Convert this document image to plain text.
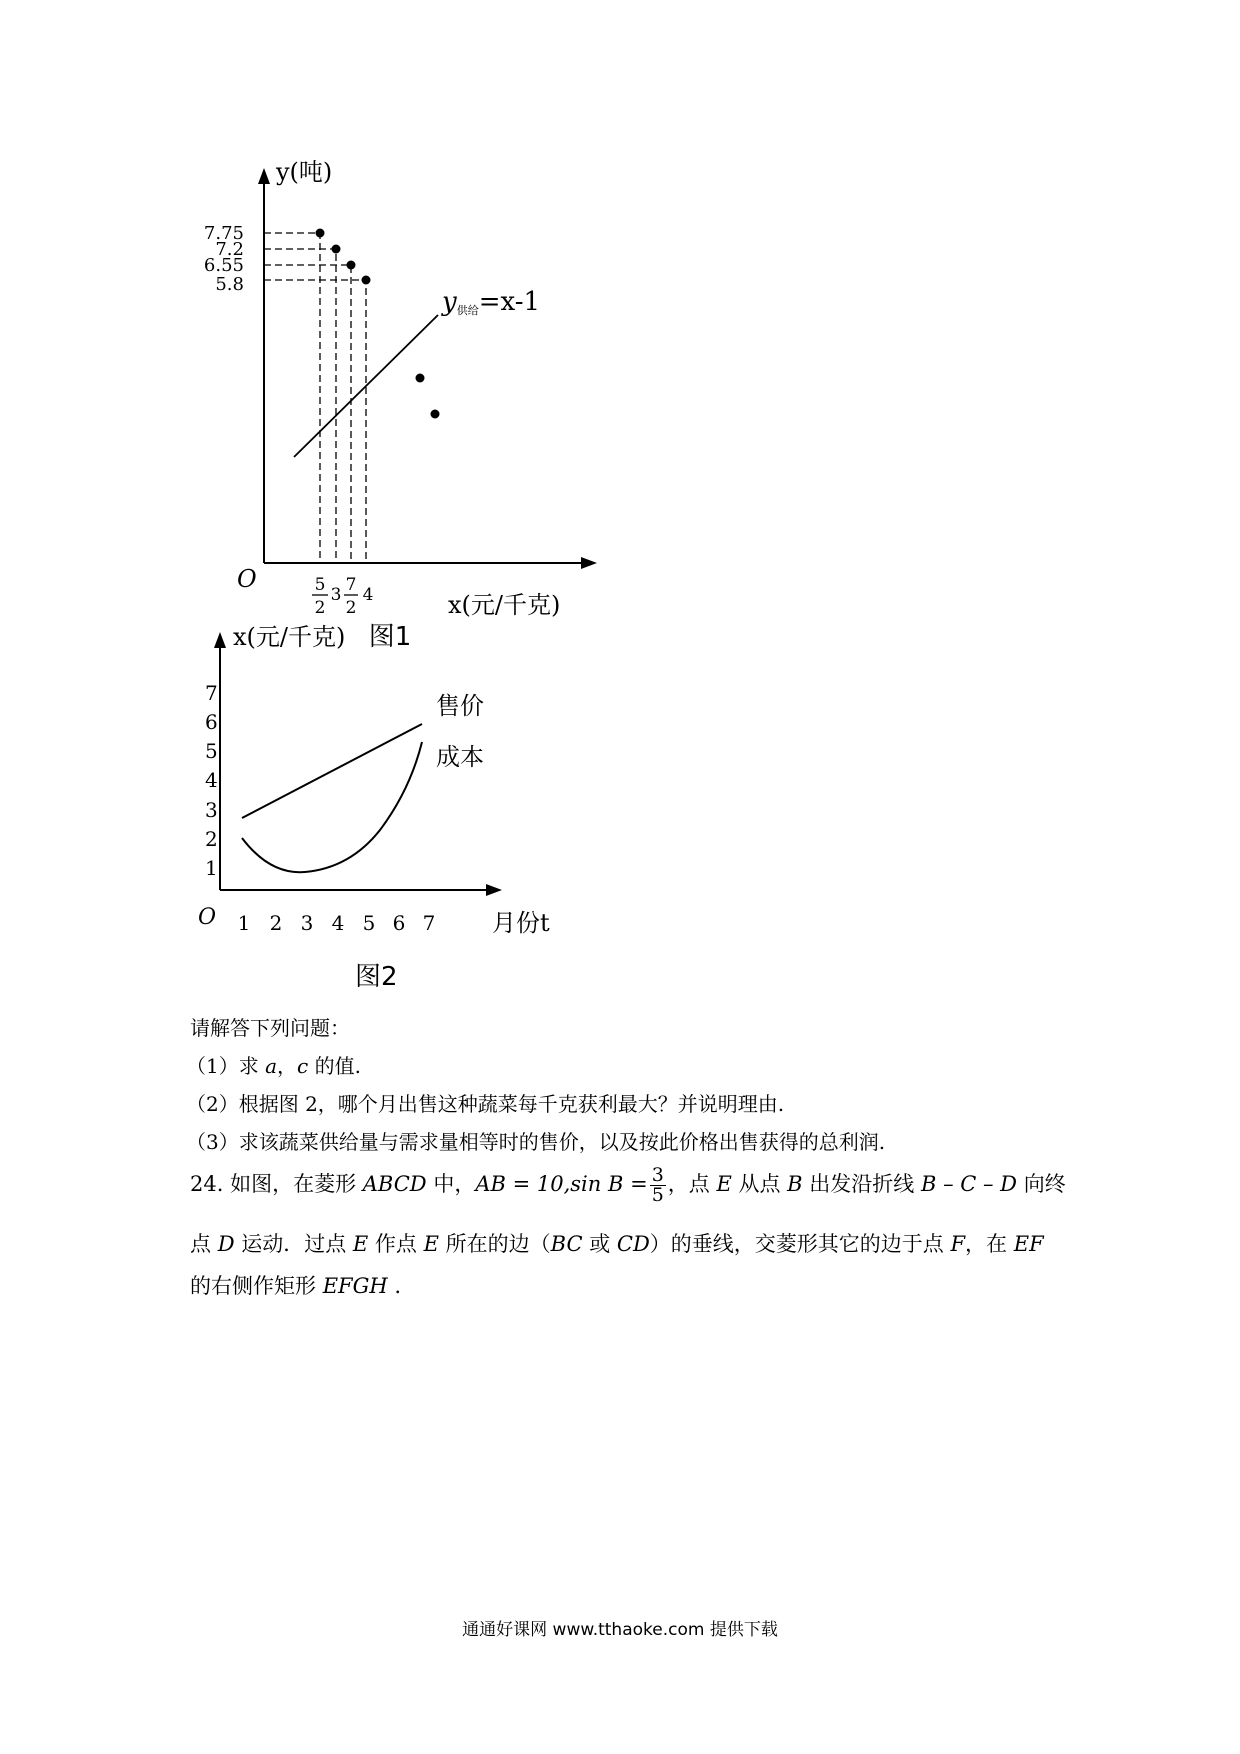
y(吨)
O
x(元/千克)
7.75
7.2
6.55
5.8
y供给=x-1
5
2
3 7
2
4
图1
x(元/千克)
7
6
5
4
3
2
1
售价
成本
O 1 2 3 4 5 6 7 月份t
图2
请解答下列问题：
（1）求 a，c 的值.
（2）根据图 2，哪个月出售这种蔬菜每千克获利最大？并说明理由.
（3）求该蔬菜供给量与需求量相等时的售价，以及按此价格出售获得的总利润.
24. 如图，在菱形 ABCD 中，AB = 10,sin $B = \frac{3}{5}$ ，点 E 从点 B 出发沿折线 B – C – D 向终
点 D 运动．过点 E 作点 E 所在的边（BC 或 CD）的垂线，交菱形其它的边于点 F，在 EF
的右侧作矩形 EFGH .
通通好课网 www.tthaoke.com 提供下载
